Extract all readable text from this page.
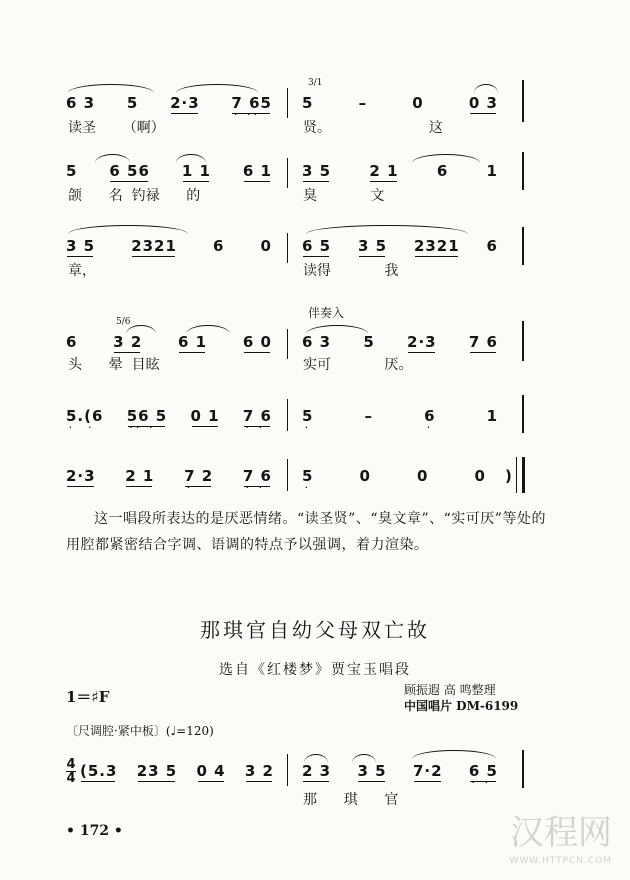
6 3 5 2·3 7 65
· ··
3/1
5	–	0	0 3
读圣      （啊）	贤。                      这
5 6 56 1 1 6 1 3 5	2 1	6	1
颌      名  钓禄      的	臭            文
3 5 2321 6 0 6 5 3 5 2321 6
章，	读得            我
伴奏入
5/6
6 3 2 6 1 6 0 6 3 5 2·3 7 6
头      晕  目眩	实可            厌。
5.(6
·  ·
56 5
·· ·
0 1 7 6
· ·
5
·
–	6
·
1
2·3 2 1 7 2
·
7 6
· ·
5
·
0	0	0 )
这一唱段所表达的是厌恶情绪。“读圣贤”、“臭文章”、“实可厌”等处的用腔都紧密结合字调、语调的特点予以强调，着力渲染。
那琪官自幼父母双亡故
选自《红楼梦》贾宝玉唱段
1＝♯F	顾振遐 高 鸣整理
中国唱片 DM-6199
〔尺调腔·紧中板〕(♩=120)
4
4 (5.3 23 5 0 4 3 2 2 3 3 5 7·2 6 5
· ·
那      琪      官
• 172 •	汉程网
WWW.HTTPCN.COM
